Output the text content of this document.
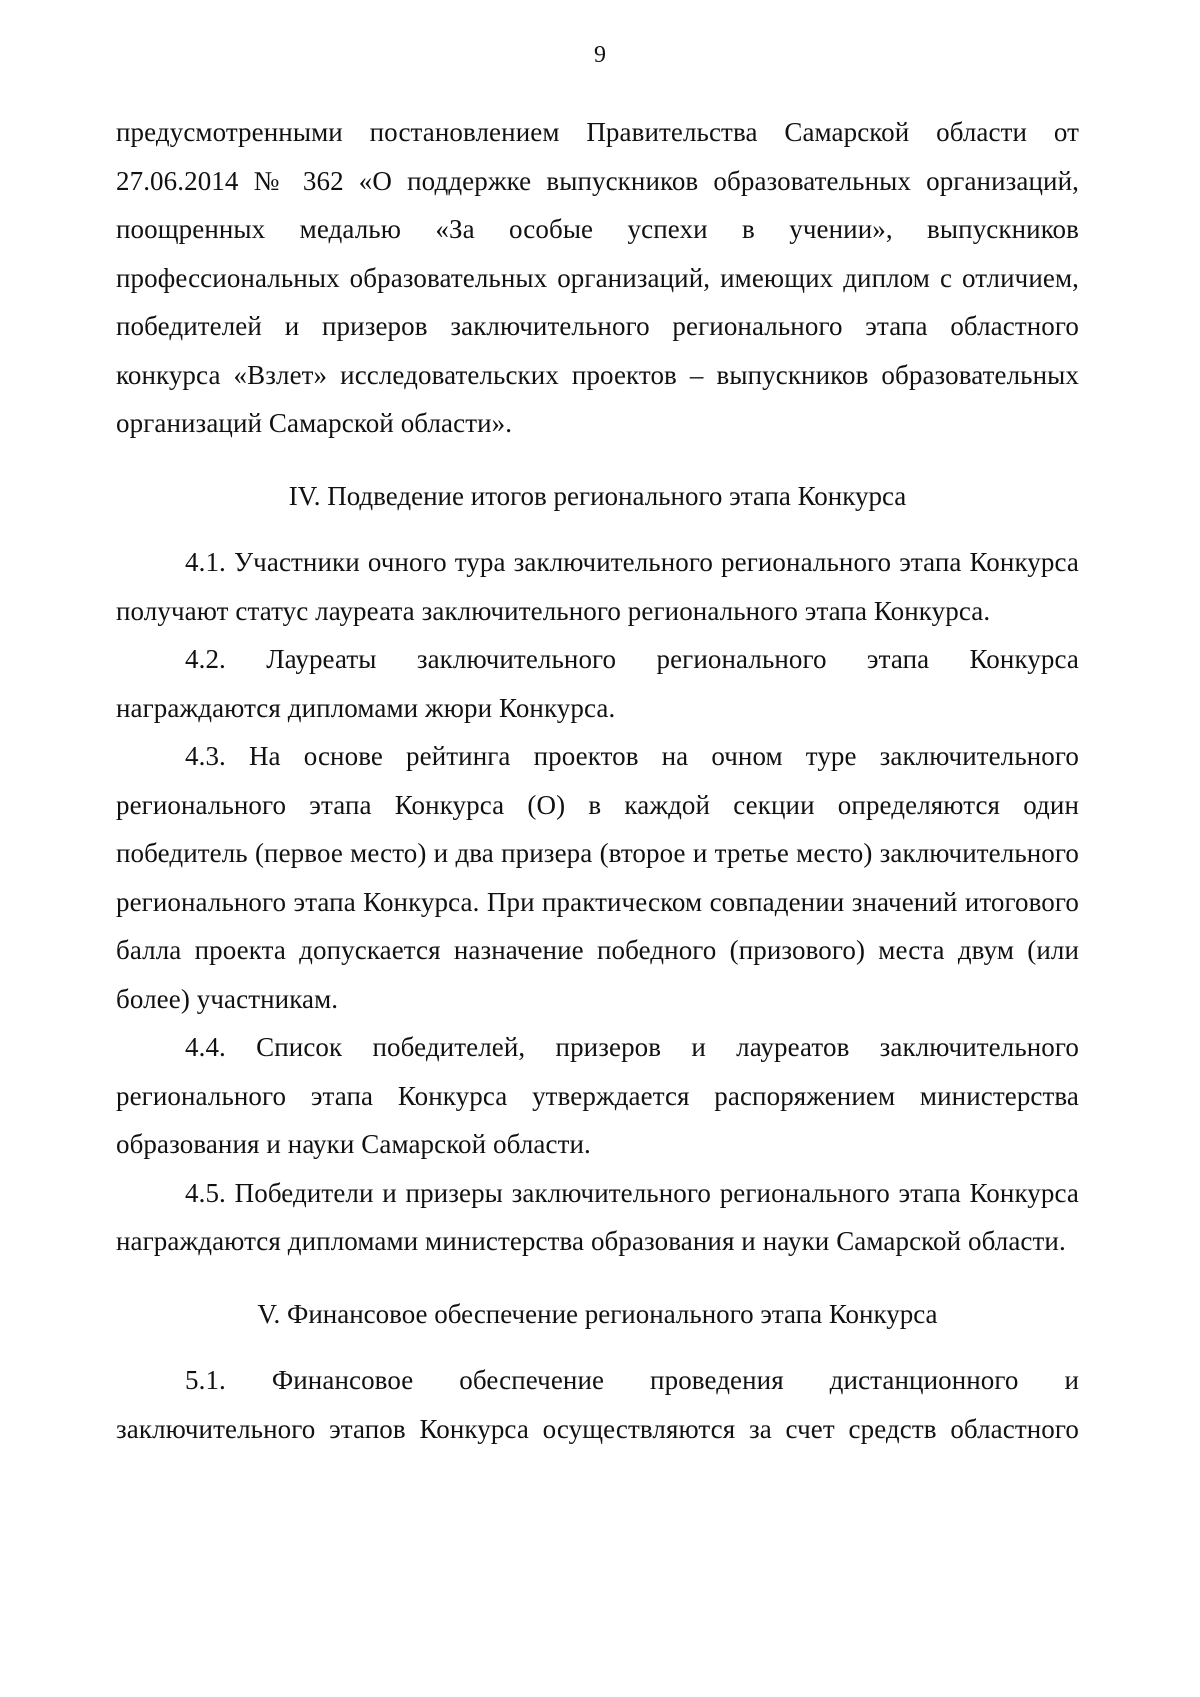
9

предусмотренными постановлением Правительства Самарской области от 27.06.2014 № 362 «О поддержке выпускников образовательных организаций, поощренных медалью «За особые успехи в учении», выпускников профессиональных образовательных организаций, имеющих диплом с отличием, победителей и призеров заключительного регионального этапа областного конкурса «Взлет» исследовательских проектов – выпускников образовательных организаций Самарской области».

IV. Подведение итогов регионального этапа Конкурса

4.1. Участники очного тура заключительного регионального этапа Конкурса получают статус лауреата заключительного регионального этапа Конкурса.

4.2. Лауреаты заключительного регионального этапа Конкурса награждаются дипломами жюри Конкурса.

4.3. На основе рейтинга проектов на очном туре заключительного регионального этапа Конкурса (О) в каждой секции определяются один победитель (первое место) и два призера (второе и третье место) заключительного регионального этапа Конкурса. При практическом совпадении значений итогового балла проекта допускается назначение победного (призового) места двум (или более) участникам.

4.4. Список победителей, призеров и лауреатов заключительного регионального этапа Конкурса утверждается распоряжением министерства образования и науки Самарской области.

4.5. Победители и призеры заключительного регионального этапа Конкурса награждаются дипломами министерства образования и науки Самарской области.

V. Финансовое обеспечение регионального этапа Конкурса

5.1. Финансовое обеспечение проведения дистанционного и заключительного этапов Конкурса осуществляются за счет средств областного
